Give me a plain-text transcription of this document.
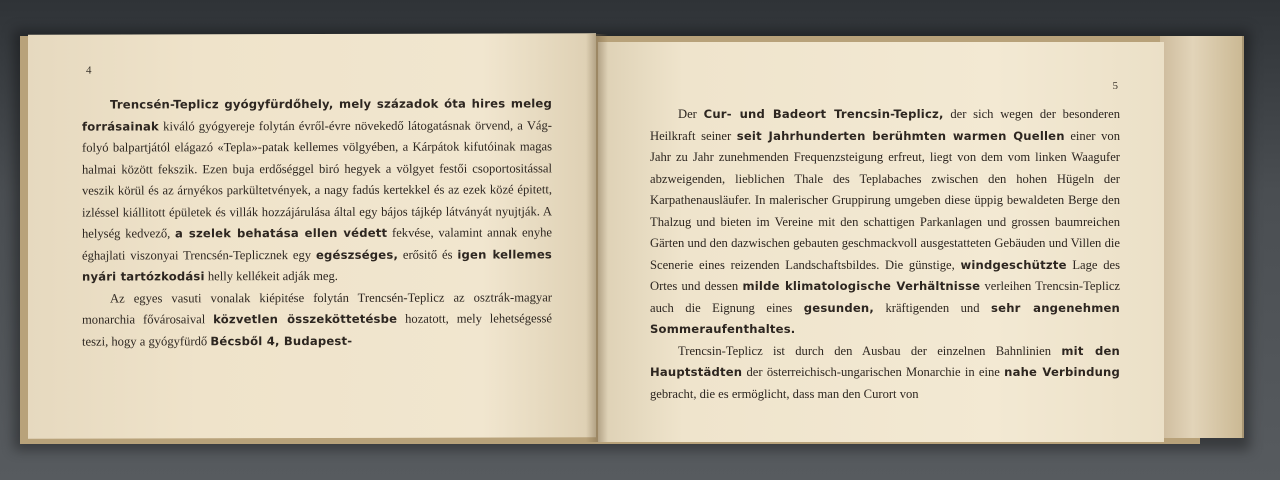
4

Trencsén-Teplicz gyógyfürdőhely, mely századok óta hires meleg forrásainak kiváló gyógyereje folytán évről-évre növekedő látogatásnak örvend, a Vág-folyó balpartjától elágazó «Tepla»-patak kellemes völgyében, a Kárpátok kifutóinak magas halmai között fekszik. Ezen buja erdőséggel biró hegyek a völgyet festői csoportositással veszik körül és az árnyékos parkültetvények, a nagy fadús kertekkel és az ezek közé épitett, izléssel kiállitott épületek és villák hozzájárulása által egy bájos tájkép látványát nyujtják. A helység kedvező, a szelek behatása ellen védett fekvése, valamint annak enyhe éghajlati viszonyai Trencsén-Teplicznek egy egészséges, erősitő és igen kellemes nyári tartózkodási helly kellékeit adják meg.

Az egyes vasuti vonalak kiépitése folytán Trencsén-Teplicz az osztrák-magyar monarchia fővárosaival közvetlen összeköttetésbe hozatott, mely lehetségessé teszi, hogy a gyógyfürdő Bécsből 4, Budapest-

5

Der Cur- und Badeort Trencsin-Teplicz, der sich wegen der besonderen Heilkraft seiner seit Jahrhunderten berühmten warmen Quellen einer von Jahr zu Jahr zunehmenden Frequenzsteigung erfreut, liegt von dem vom linken Waagufer abzweigenden, lieblichen Thale des Teplabaches zwischen den hohen Hügeln der Karpathenausläufer. In malerischer Gruppirung umgeben diese üppig bewaldeten Berge den Thalzug und bieten im Vereine mit den schattigen Parkanlagen und grossen baumreichen Gärten und den dazwischen gebauten geschmackvoll ausgestatteten Gebäuden und Villen die Scenerie eines reizenden Landschaftsbildes. Die günstige, windgeschützte Lage des Ortes und dessen milde klimatologische Verhältnisse verleihen Trencsin-Teplicz auch die Eignung eines gesunden, kräftigenden und sehr angenehmen Sommeraufenthaltes.

Trencsin-Teplicz ist durch den Ausbau der einzelnen Bahnlinien mit den Hauptstädten der österreichisch-ungarischen Monarchie in eine nahe Verbindung gebracht, die es ermöglicht, dass man den Curort von
